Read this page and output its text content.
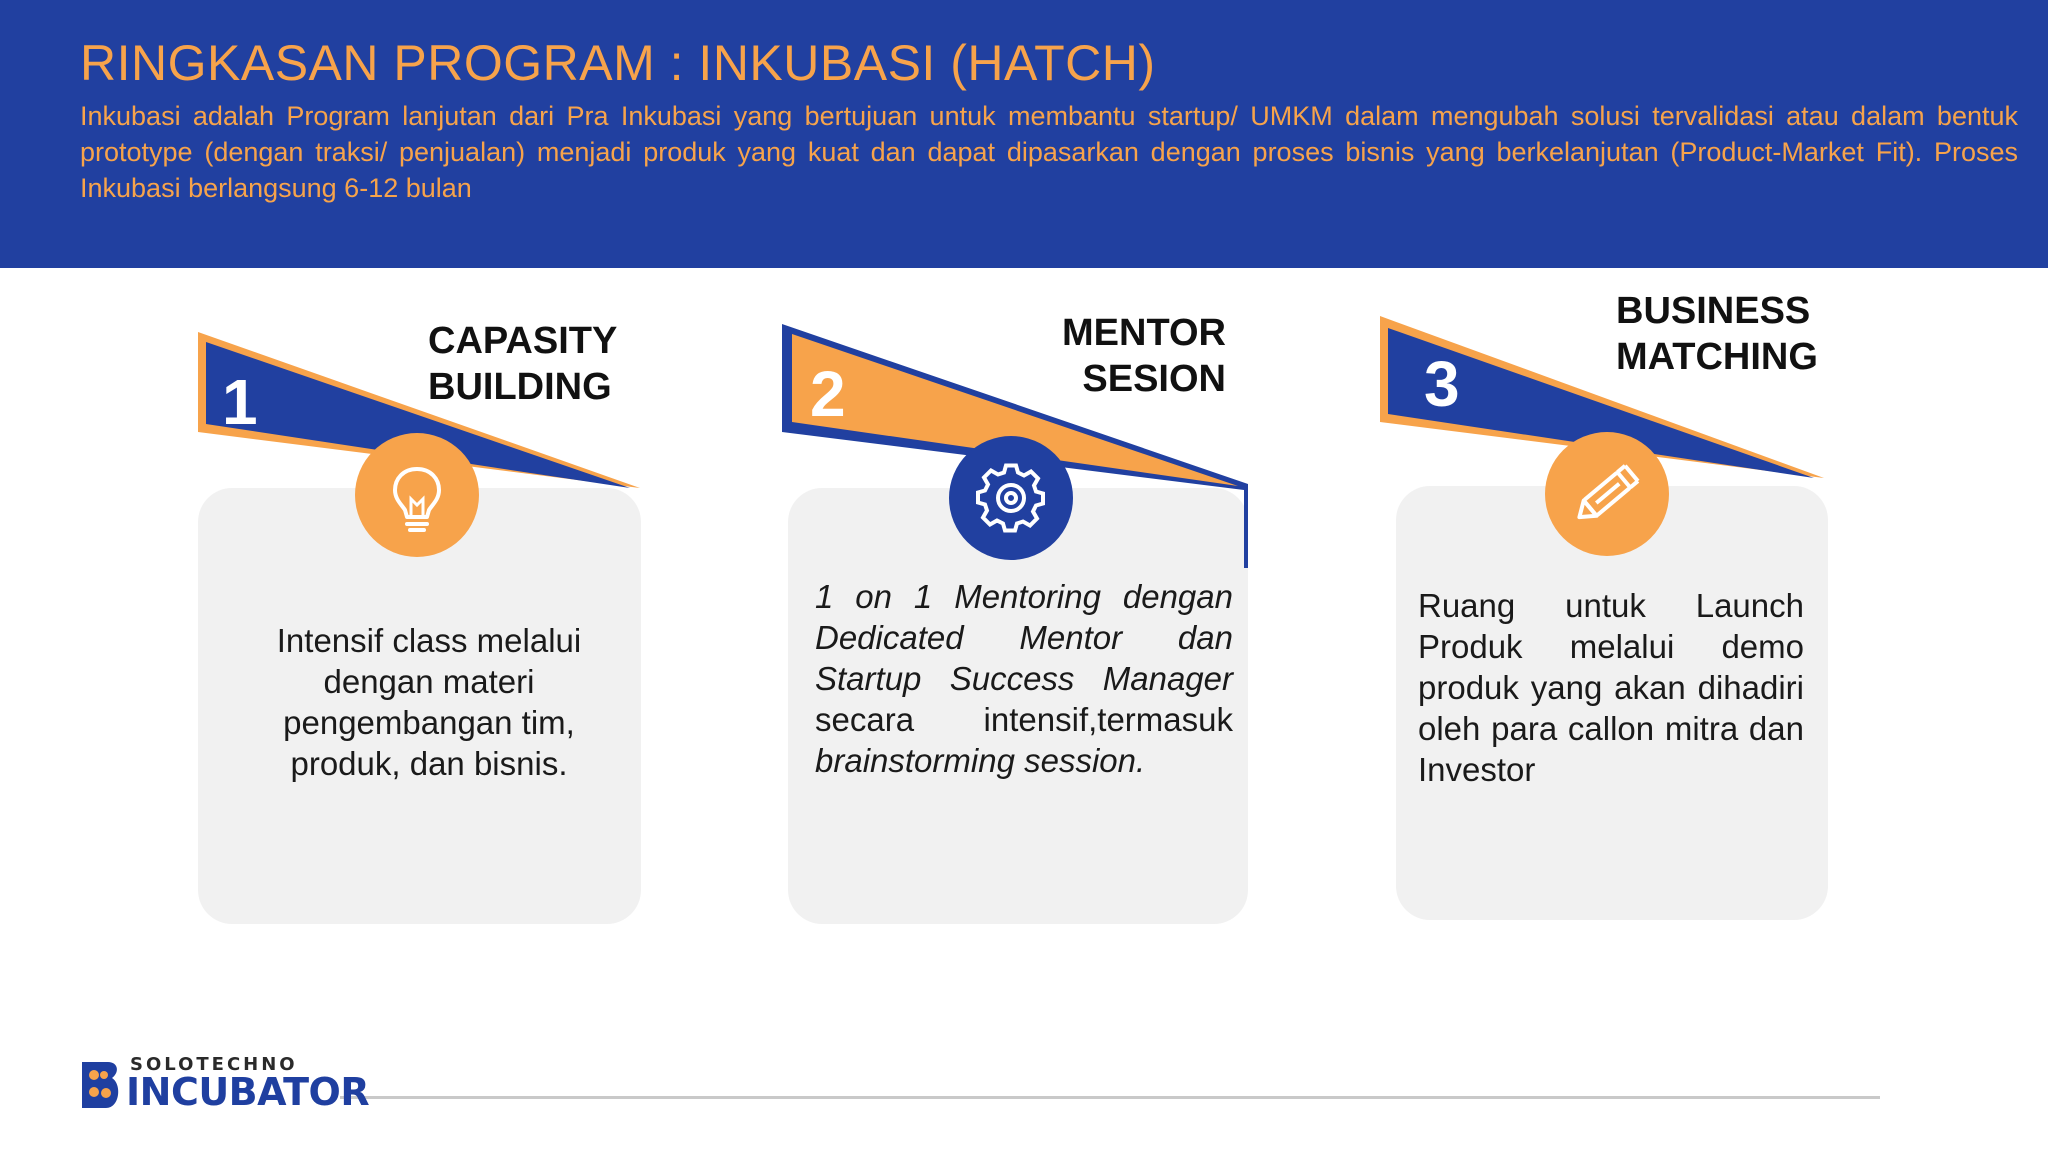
RINGKASAN PROGRAM : INKUBASI (HATCH)
Inkubasi adalah Program lanjutan dari Pra Inkubasi yang bertujuan untuk membantu startup/ UMKM dalam mengubah solusi tervalidasi atau dalam bentuk prototype (dengan traksi/ penjualan) menjadi produk yang kuat dan dapat dipasarkan dengan proses bisnis yang berkelanjutan (Product-Market Fit). Proses Inkubasi berlangsung 6-12 bulan
1
CAPASITY
BUILDING
Intensif class melalui dengan materi pengembangan tim, produk, dan bisnis.
2
MENTOR
SESION
1 on 1 Mentoring dengan Dedicated Mentor dan Startup Success Manager secara intensif,termasuk brainstorming session.
3
BUSINESS
MATCHING
Ruang untuk Launch Produk melalui demo produk yang akan dihadiri oleh para callon mitra dan Investor
SOLOTECHNO
INCUBATOR
